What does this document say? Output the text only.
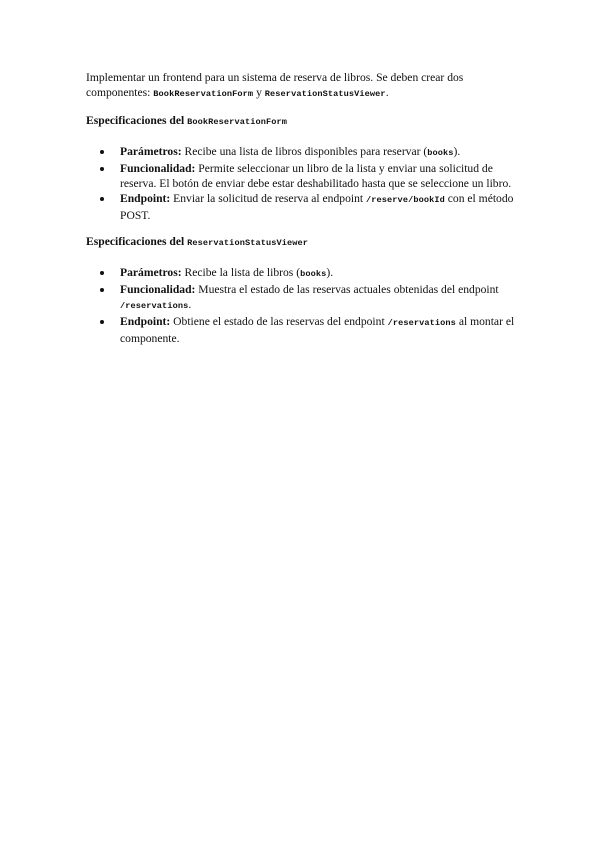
Implementar un frontend para un sistema de reserva de libros. Se deben crear dos componentes: BookReservationForm y ReservationStatusViewer.

Especificaciones del BookReservationForm
Parámetros: Recibe una lista de libros disponibles para reservar (books).
Funcionalidad: Permite seleccionar un libro de la lista y enviar una solicitud de reserva. El botón de enviar debe estar deshabilitado hasta que se seleccione un libro.
Endpoint: Enviar la solicitud de reserva al endpoint /reserve/bookId con el método POST.
Especificaciones del ReservationStatusViewer
Parámetros: Recibe la lista de libros (books).
Funcionalidad: Muestra el estado de las reservas actuales obtenidas del endpoint /reservations.
Endpoint: Obtiene el estado de las reservas del endpoint /reservations al montar el componente.
